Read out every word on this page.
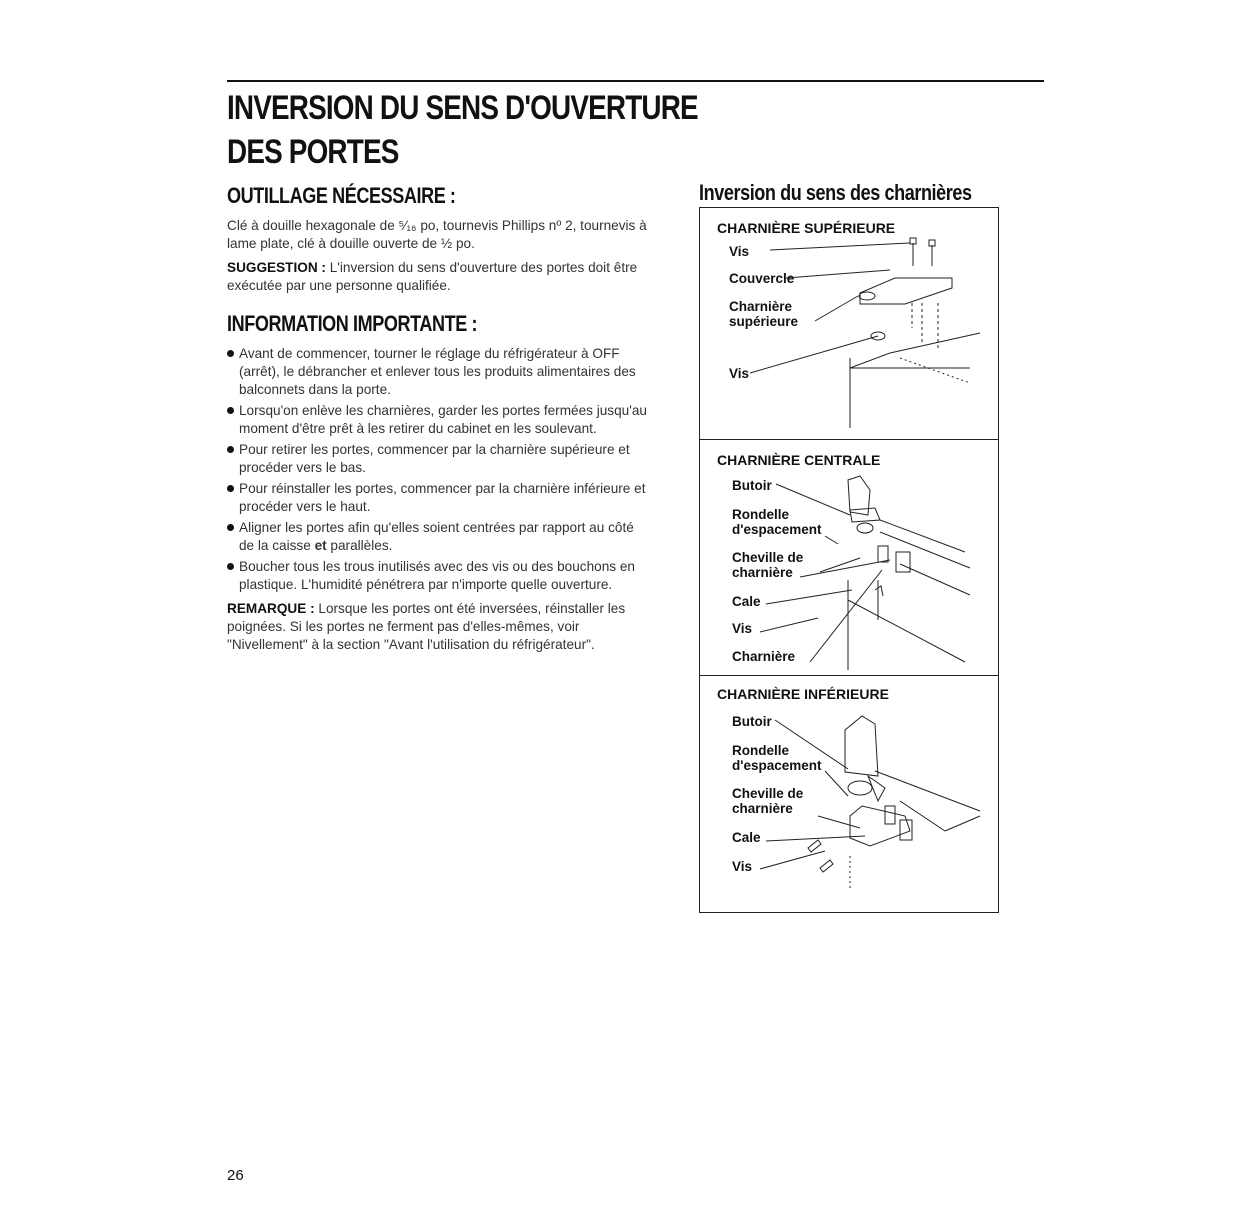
INVERSION DU SENS D'OUVERTURE
DES PORTES
OUTILLAGE NÉCESSAIRE :

Clé à douille hexagonale de ⁵⁄₁₆ po, tournevis Phillips nº 2, tournevis à lame plate, clé à douille ouverte de ½ po.

SUGGESTION : L'inversion du sens d'ouverture des portes doit être exécutée par une personne qualifiée.

INFORMATION IMPORTANTE :
Avant de commencer, tourner le réglage du réfrigérateur à OFF (arrêt), le débrancher et enlever tous les produits alimentaires des balconnets dans la porte.
Lorsqu'on enlève les charnières, garder les portes fermées jusqu'au moment d'être prêt à les retirer du cabinet en les soulevant.
Pour retirer les portes, commencer par la charnière supérieure et procéder vers le bas.
Pour réinstaller les portes, commencer par la charnière inférieure et procéder vers le haut.
Aligner les portes afin qu'elles soient centrées par rapport au côté de la caisse et parallèles.
Boucher tous les trous inutilisés avec des vis ou des bouchons en plastique. L'humidité pénétrera par n'importe quelle ouverture.

REMARQUE : Lorsque les portes ont été inversées, réinstaller les poignées. Si les portes ne ferment pas d'elles-mêmes, voir "Nivellement" à la section "Avant l'utilisation du réfrigérateur".

Inversion du sens des charnières
CHARNIÈRE SUPÉRIEURE
Vis
Couvercle
Charnière
supérieure
Vis
CHARNIÈRE CENTRALE
Butoir
Rondelle
d'espacement
Cheville de
charnière
Cale
Vis
Charnière
CHARNIÈRE INFÉRIEURE
Butoir
Rondelle
d'espacement
Cheville de
charnière
Cale
Vis
26
